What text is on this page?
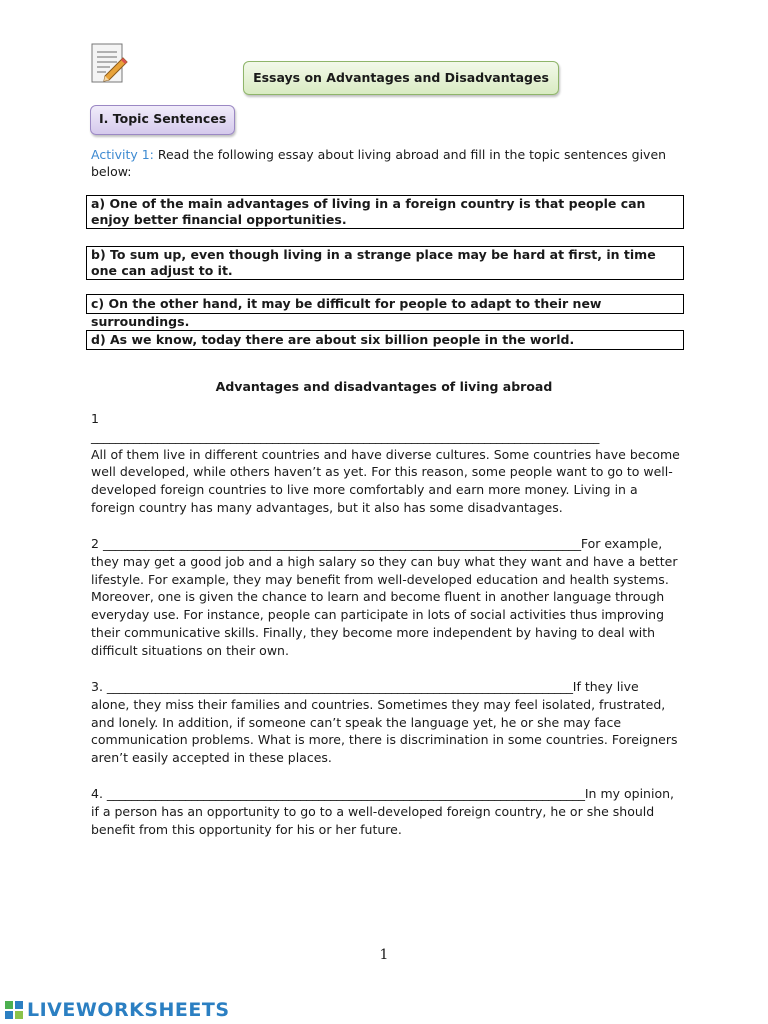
Essays on Advantages and Disadvantages
I. Topic Sentences
Activity 1: Read the following essay about living abroad and fill in the topic sentences given below:
a) One of the main advantages of living in a foreign country is that people can enjoy better financial opportunities.
b) To sum up, even though living in a strange place may be hard at first, in time one can adjust to it.
c) On the other hand, it may be difficult for people to adapt to their new surroundings.
d) As we know, today there are about six billion people in the world.
Advantages and disadvantages of living abroad
1
____________________________________________________________________________________
All of them live in different countries and have diverse cultures. Some countries have become well developed, while others haven’t as yet. For this reason, some people want to go to well-developed foreign countries to live more comfortably and earn more money. Living in a foreign country has many advantages, but it also has some disadvantages.
2 _______________________________________________________________________________For example, they may get a good job and a high salary so they can buy what they want and have a better lifestyle. For example, they may benefit from well-developed education and health systems. Moreover, one is given the chance to learn and become fluent in another language through everyday use. For instance, people can participate in lots of social activities thus improving their communicative skills. Finally, they become more independent by having to deal with difficult situations on their own.
3. _____________________________________________________________________________If they live alone, they miss their families and countries. Sometimes they may feel isolated, frustrated, and lonely. In addition, if someone can’t speak the language yet, he or she may face communication problems. What is more, there is discrimination in some countries. Foreigners aren’t easily accepted in these places.
4. _______________________________________________________________________________In my opinion, if a person has an opportunity to go to a well-developed foreign country, he or she should benefit from this opportunity for his or her future.
1
LIVEWORKSHEETS
